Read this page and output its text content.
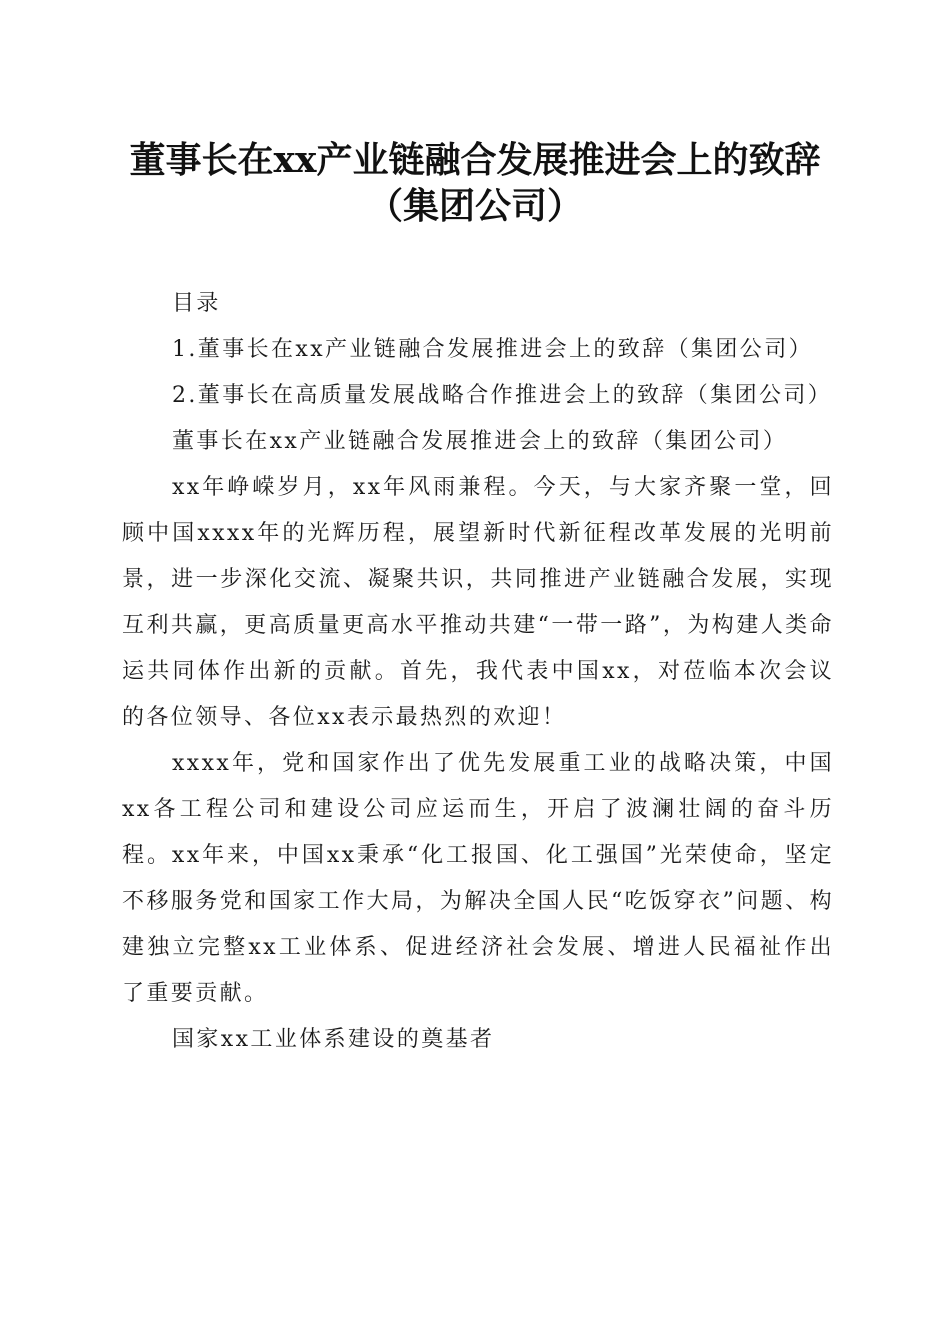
董事长在xx产业链融合发展推进会上的致辞
（集团公司）

目录

1.董事长在xx产业链融合发展推进会上的致辞（集团公司）

2.董事长在高质量发展战略合作推进会上的致辞（集团公司）

董事长在xx产业链融合发展推进会上的致辞（集团公司）

xx年峥嵘岁月，xx年风雨兼程。今天，与大家齐聚一堂，回顾中国xxxx年的光辉历程，展望新时代新征程改革发展的光明前景，进一步深化交流、凝聚共识，共同推进产业链融合发展，实现互利共赢，更高质量更高水平推动共建“一带一路”，为构建人类命运共同体作出新的贡献。首先，我代表中国xx，对莅临本次会议的各位领导、各位xx表示最热烈的欢迎！

xxxx年，党和国家作出了优先发展重工业的战略决策，中国xx各工程公司和建设公司应运而生，开启了波澜壮阔的奋斗历程。xx年来，中国xx秉承“化工报国、化工强国”光荣使命，坚定不移服务党和国家工作大局，为解决全国人民“吃饭穿衣”问题、构建独立完整xx工业体系、促进经济社会发展、增进人民福祉作出了重要贡献。

国家xx工业体系建设的奠基者
